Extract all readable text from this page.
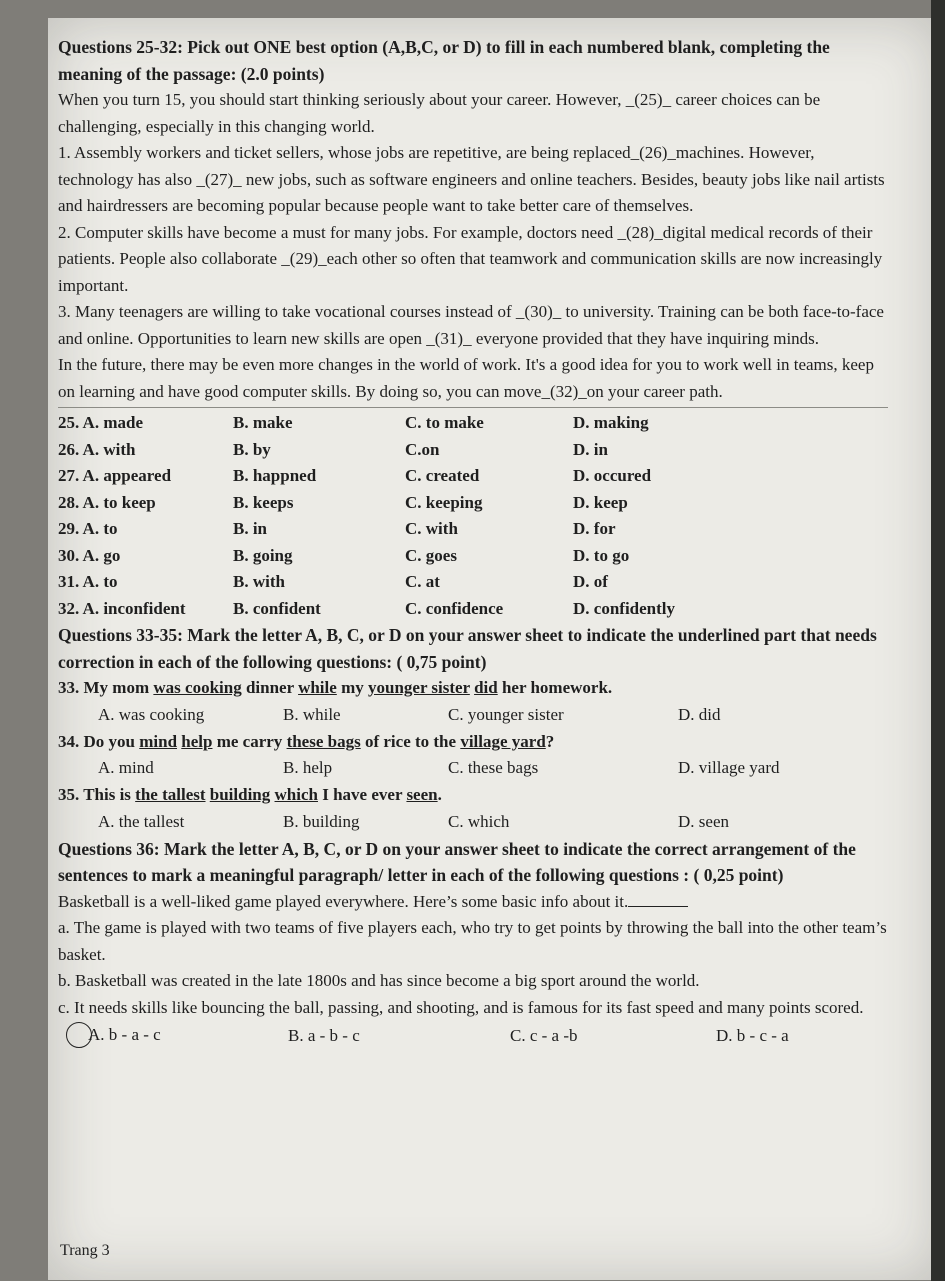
Questions 25-32: Pick out ONE best option (A,B,C, or D) to fill in each numbered blank, completing the meaning of the passage: (2.0 points)

When you turn 15, you should start thinking seriously about your career. However, _(25)_ career choices can be challenging, especially in this changing world.

1. Assembly workers and ticket sellers, whose jobs are repetitive, are being replaced_(26)_machines. However, technology has also _(27)_ new jobs, such as software engineers and online teachers. Besides, beauty jobs like nail artists and hairdressers are becoming popular because people want to take better care of themselves.

2. Computer skills have become a must for many jobs. For example, doctors need _(28)_digital medical records of their patients. People also collaborate _(29)_each other so often that teamwork and communication skills are now increasingly important.

3. Many teenagers are willing to take vocational courses instead of _(30)_ to university. Training can be both face-to-face and online. Opportunities to learn new skills are open _(31)_ everyone provided that they have inquiring minds.

In the future, there may be even more changes in the world of work. It's a good idea for you to work well in teams, keep on learning and have good computer skills. By doing so, you can move_(32)_on your career path.

25. A. made	B. make	C. to make	D. making
26. A. with	B. by	C.on	D. in
27. A. appeared	B. happned	C. created	D. occured
28. A. to keep	B. keeps	C. keeping	D. keep
29. A. to	B. in	C. with	D. for
30. A. go	B. going	C. goes	D. to go
31. A. to	B. with	C. at	D. of
32. A. inconfident	B. confident	C. confidence	D. confidently

Questions 33-35: Mark the letter A, B, C, or D on your answer sheet to indicate the underlined part that needs correction in each of the following questions: ( 0,75 point)

33. My mom was cooking dinner while my younger sister did her homework.

A. was cooking	B. while	C. younger sister	D. did

34. Do you mind help me carry these bags of rice to the village yard?

A. mind	B. help	C. these bags	D. village yard

35. This is the tallest building which I have ever seen.

A. the tallest	B. building	C. which	D. seen

Questions 36: Mark the letter A, B, C, or D on your answer sheet to indicate the correct arrangement of the sentences to mark a meaningful paragraph/ letter in each of the following questions : ( 0,25 point)

Basketball is a well-liked game played everywhere. Here’s some basic info about it.

a. The game is played with two teams of five players each, who try to get points by throwing the ball into the other team’s basket.

b. Basketball was created in the late 1800s and has since become a big sport around the world.

c. It needs skills like bouncing the ball, passing, and shooting, and is famous for its fast speed and many points scored.

A. b - a - c	B. a - b - c	C. c - a -b	D. b - c - a
Trang 3
